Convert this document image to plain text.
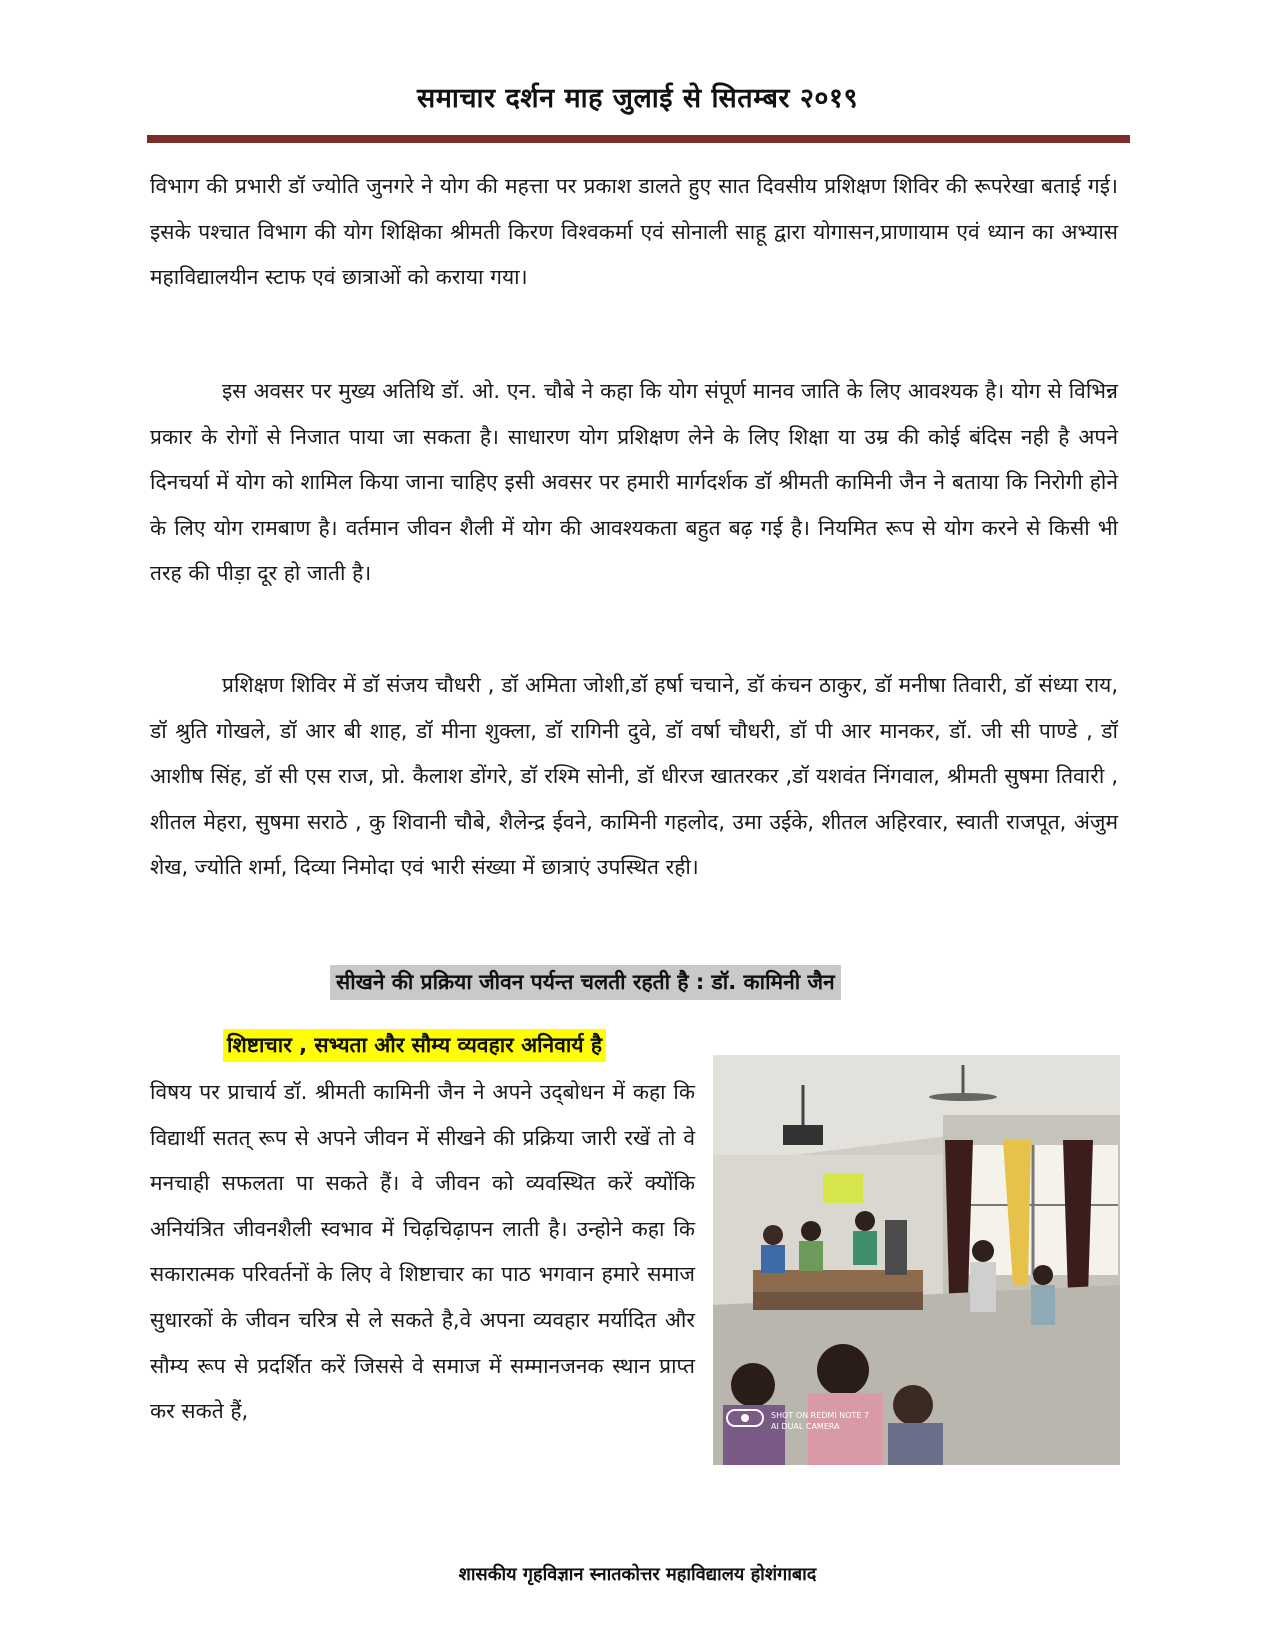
समाचार दर्शन माह जुलाई से सितम्बर २०१९

विभाग की प्रभारी डॉ ज्योति जुनगरे ने योग की महत्ता पर प्रकाश डालते हुए सात दिवसीय प्रशिक्षण शिविर की रूपरेखा बताई गई। इसके पश्चात विभाग की योग शिक्षिका श्रीमती किरण विश्वकर्मा एवं सोनाली साहू द्वारा योगासन,प्राणायाम एवं ध्यान का अभ्यास महाविद्यालयीन स्टाफ एवं छात्राओं को कराया गया।

इस अवसर पर मुख्य अतिथि डॉ. ओ. एन. चौबे ने कहा कि योग संपूर्ण मानव जाति के लिए आवश्यक है। योग से विभिन्न प्रकार के रोगों से निजात पाया जा सकता है। साधारण योग प्रशिक्षण लेने के लिए शिक्षा या उम्र की कोई बंदिस नही है अपने दिनचर्या में योग को शामिल किया जाना चाहिए इसी अवसर पर हमारी मार्गदर्शक डॉ श्रीमती कामिनी जैन ने बताया कि निरोगी होने के लिए योग रामबाण है। वर्तमान जीवन शैली में योग की आवश्यकता बहुत बढ़ गई है। नियमित रूप से योग करने से किसी भी तरह की पीड़ा दूर हो जाती है।

प्रशिक्षण शिविर में डॉ संजय चौधरी , डॉ अमिता जोशी,डॉ हर्षा चचाने, डॉ कंचन ठाकुर, डॉ मनीषा तिवारी, डॉ संध्या राय, डॉ श्रुति गोखले, डॉ आर बी शाह, डॉ मीना शुक्ला, डॉ रागिनी दुवे, डॉ वर्षा चौधरी, डॉ पी आर मानकर, डॉ. जी सी पाण्डे , डॉ आशीष सिंह, डॉ सी एस राज, प्रो. कैलाश डोंगरे, डॉ रश्मि सोनी, डॉ धीरज खातरकर ,डॉ यशवंत निंगवाल, श्रीमती सुषमा तिवारी , शीतल मेहरा, सुषमा सराठे , कु शिवानी चौबे, शैलेन्द्र ईवने, कामिनी गहलोद, उमा उईके, शीतल अहिरवार, स्वाती राजपूत, अंजुम शेख, ज्योति शर्मा, दिव्या निमोदा एवं भारी संख्या में छात्राएं उपस्थित रही।

सीखने की प्रक्रिया जीवन पर्यन्त चलती रहती है : डॉ. कामिनी जैन
शिष्टाचार , सभ्यता और सौम्य व्यवहार अनिवार्य है

विषय पर प्राचार्य डॉ. श्रीमती कामिनी जैन ने अपने उद्‌बोधन में कहा कि विद्यार्थी सतत् रूप से अपने जीवन में सीखने की प्रक्रिया जारी रखें तो वे मनचाही सफलता पा सकते हैं। वे जीवन को व्यवस्थित करें क्योंकि अनियंत्रित जीवनशैली स्वभाव में चिढ़चिढ़ापन लाती है। उन्होने कहा कि सकारात्मक परिवर्तनों के लिए वे शिष्टाचार का पाठ भगवान हमारे समाज सुधारकों के जीवन चरित्र से ले सकते है,वे अपना व्यवहार मर्यादित और सौम्य रूप से प्रदर्शित करें जिससे वे समाज में सम्मानजनक स्थान प्राप्त कर सकते हैं,	SHOT ON REDMI NOTE 7
AI DUAL CAMERA
शासकीय गृहविज्ञान स्नातकोत्तर महाविद्यालय होशंगाबाद
